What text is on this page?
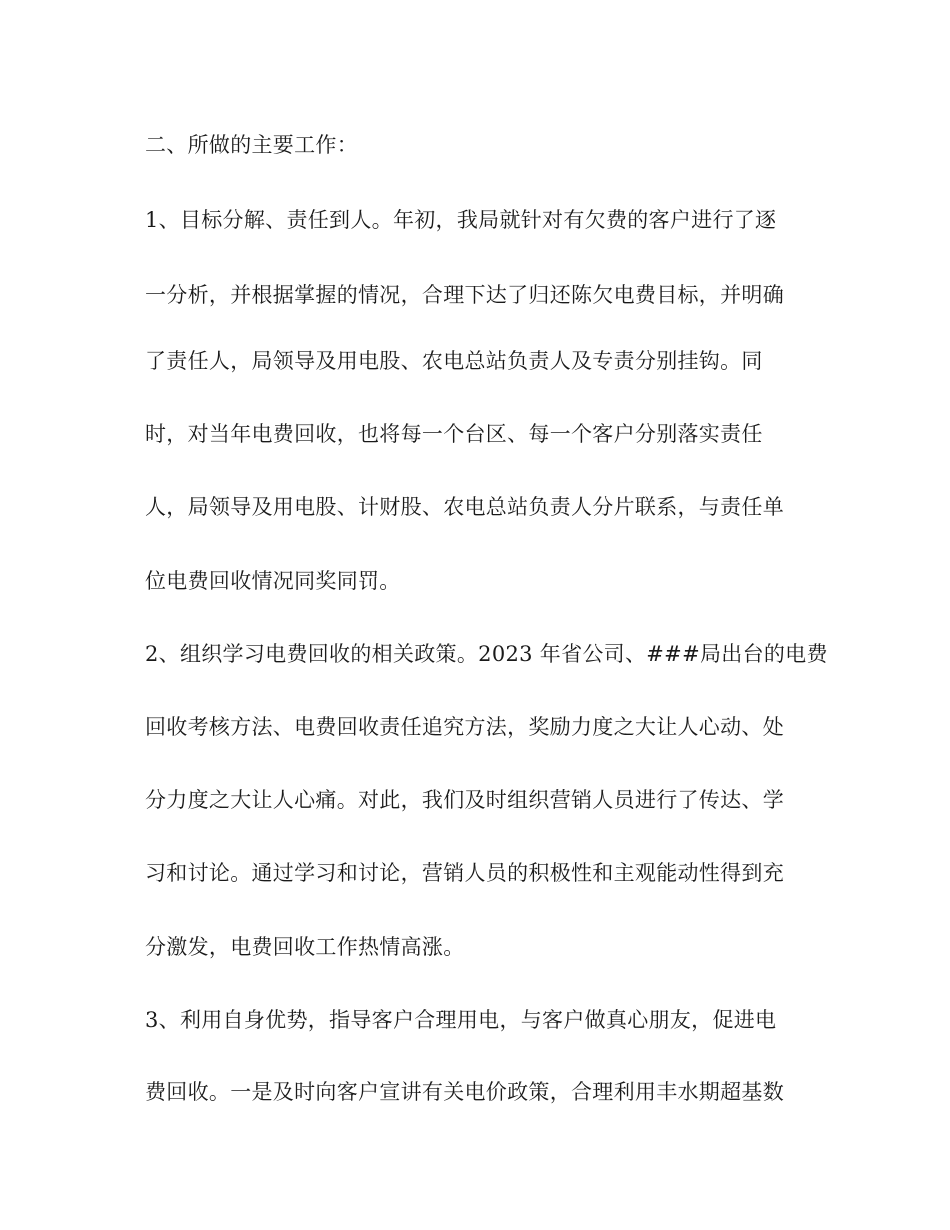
二、所做的主要工作：

1、目标分解、责任到人。年初，我局就针对有欠费的客户进行了逐

一分析，并根据掌握的情况，合理下达了归还陈欠电费目标，并明确

了责任人，局领导及用电股、农电总站负责人及专责分别挂钩。同

时，对当年电费回收，也将每一个台区、每一个客户分别落实责任

人，局领导及用电股、计财股、农电总站负责人分片联系，与责任单

位电费回收情况同奖同罚。

2、组织学习电费回收的相关政策。2023 年省公司、###局出台的电费

回收考核方法、电费回收责任追究方法，奖励力度之大让人心动、处

分力度之大让人心痛。对此，我们及时组织营销人员进行了传达、学

习和讨论。通过学习和讨论，营销人员的积极性和主观能动性得到充

分激发，电费回收工作热情高涨。

3、利用自身优势，指导客户合理用电，与客户做真心朋友，促进电

费回收。一是及时向客户宣讲有关电价政策，合理利用丰水期超基数
